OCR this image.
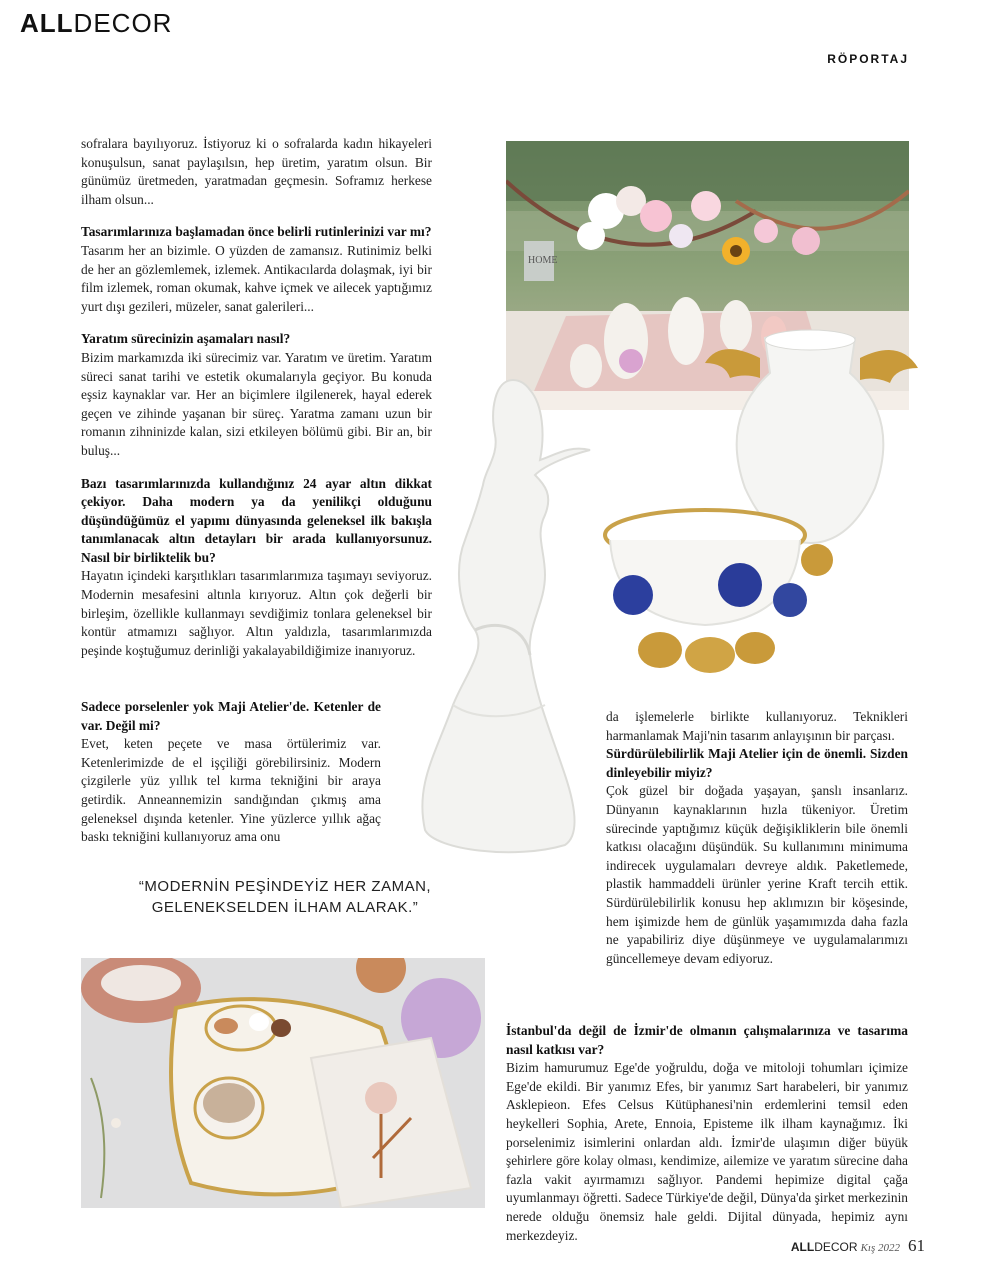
ALLDECOR
RÖPORTAJ
HOME

sofralara bayılıyoruz. İstiyoruz ki o sofralarda kadın hikayeleri konuşulsun, sanat paylaşılsın, hep üretim, yaratım olsun. Bir günümüz üretmeden, yaratmadan geçmesin. Soframız herkese ilham olsun...

Tasarımlarınıza başlamadan önce belirli rutinlerinizi var mı?
Tasarım her an bizimle. O yüzden de zamansız. Rutinimiz belki de her an gözlemlemek, izlemek. Antikacılarda dolaşmak, iyi bir film izlemek, roman okumak, kahve içmek ve ailecek yaptığımız yurt dışı gezileri, müzeler, sanat galerileri...

Yaratım sürecinizin aşamaları nasıl?
Bizim markamızda iki sürecimiz var. Yaratım ve üretim. Yaratım süreci sanat tarihi ve estetik okumalarıyla geçiyor. Bu konuda eşsiz kaynaklar var. Her an biçimlere ilgilenerek, hayal ederek geçen ve zihinde yaşanan bir süreç. Yaratma zamanı uzun bir romanın zihninizde kalan, sizi etkileyen bölümü gibi. Bir an, bir buluş...

Bazı tasarımlarınızda kullandığınız 24 ayar altın dikkat çekiyor. Daha modern ya da yenilikçi olduğunu düşündüğümüz el yapımı dünyasında geleneksel ilk bakışla tanımlanacak altın detayları bir arada kullanıyorsunuz. Nasıl bir birliktelik bu?
Hayatın içindeki karşıtlıkları tasarımlarımıza taşımayı seviyoruz. Modernin mesafesini altınla kırıyoruz. Altın çok değerli bir birleşim, özellikle kullanmayı sevdiğimiz tonlara geleneksel bir kontür atmamızı sağlıyor. Altın yaldızla, tasarımlarımızda peşinde koştuğumuz derinliği yakalayabildiğimize inanıyoruz.

Sadece porselenler yok Maji Atelier'de. Ketenler de var. Değil mi?
Evet, keten peçete ve masa örtülerimiz var. Ketenlerimizde de el işçiliği görebilirsiniz. Modern çizgilerle yüz yıllık tel kırma tekniğini bir araya getirdik. Anneannemizin sandığından çıkmış ama geleneksel dışında ketenler. Yine yüzlerce yıllık ağaç baskı tekniğini kullanıyoruz ama onu
“MODERNİN PEŞİNDEYİZ HER ZAMAN, GELENEKSELDEN İLHAM ALARAK.”
da işlemelerle birlikte kullanıyoruz. Teknikleri harmanlamak Maji'nin tasarım anlayışının bir parçası.
Sürdürülebilirlik Maji Atelier için de önemli. Sizden dinleyebilir miyiz?
Çok güzel bir doğada yaşayan, şanslı insanlarız. Dünyanın kaynaklarının hızla tükeniyor. Üretim sürecinde yaptığımız küçük değişikliklerin bile önemli katkısı olacağını düşündük. Su kullanımını minimuma indirecek uygulamaları devreye aldık. Paketlemede, plastik hammaddeli ürünler yerine Kraft tercih ettik. Sürdürülebilirlik konusu hep aklımızın bir köşesinde, hem işimizde hem de günlük yaşamımızda daha fazla ne yapabiliriz diye düşünmeye ve uygulamalarımızı güncellemeye devam ediyoruz.
İstanbul'da değil de İzmir'de olmanın çalışmalarınıza ve tasarıma nasıl katkısı var?
Bizim hamurumuz Ege'de yoğruldu, doğa ve mitoloji tohumları içimize Ege'de ekildi. Bir yanımız Efes, bir yanımız Sart harabeleri, bir yanımız Asklepieon. Efes Celsus Kütüphanesi'nin erdemlerini temsil eden heykelleri Sophia, Arete, Ennoia, Episteme ilk ilham kaynağımız. İki porselenimiz isimlerini onlardan aldı. İzmir'de ulaşımın diğer büyük şehirlere göre kolay olması, kendimize, ailemize ve yaratım sürecine daha fazla vakit ayırmamızı sağlıyor. Pandemi hepimize digital çağa uyumlanmayı öğretti. Sadece Türkiye'de değil, Dünya'da şirket merkezinin nerede olduğu önemsiz hale geldi. Dijital dünyada, hepimiz aynı merkezdeyiz.
ALLDECOR Kış 2022 61
